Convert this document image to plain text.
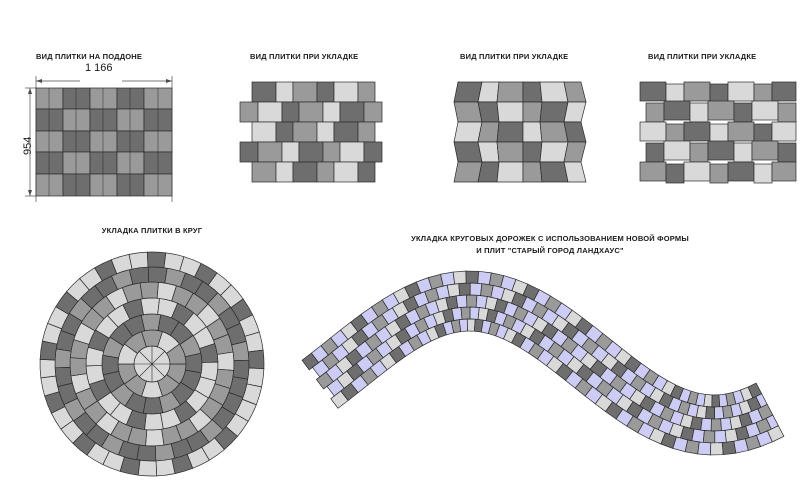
ВИД ПЛИТКИ НА ПОДДОНЕ	ВИД ПЛИТКИ ПРИ УКЛАДКЕ	ВИД ПЛИТКИ ПРИ УКЛАДКЕ	ВИД ПЛИТКИ ПРИ УКЛАДКЕ
УКЛАДКА ПЛИТКИ В КРУГ
УКЛАДКА КРУГОВЫХ ДОРОЖЕК С ИСПОЛЬЗОВАНИЕМ НОВОЙ ФОРМЫ
И ПЛИТ "СТАРЫЙ ГОРОД ЛАНДХАУС"
1 166
954
